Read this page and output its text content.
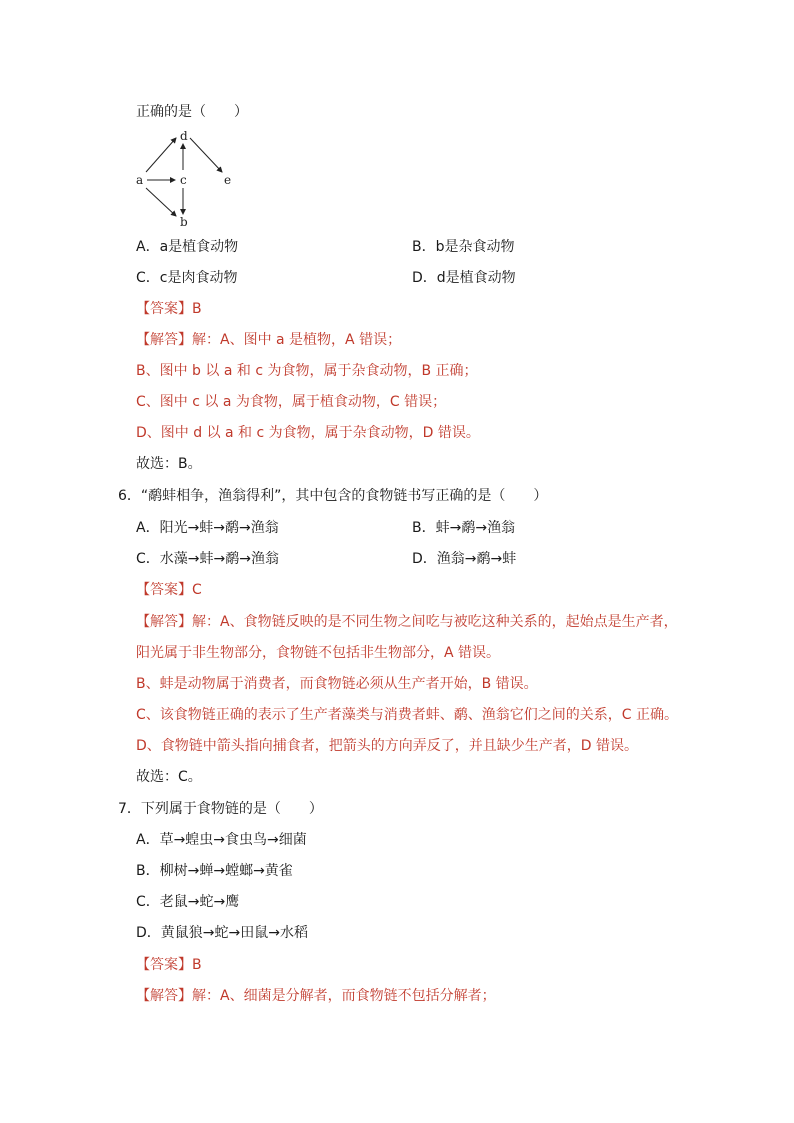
正确的是（　　）
d
a	c	e
b
A．a是植食动物	B．b是杂食动物
C．c是肉食动物	D．d是植食动物
【答案】B
【解答】解：A、图中 a 是植物，A 错误；
B、图中 b 以 a 和 c 为食物，属于杂食动物，B 正确；
C、图中 c 以 a 为食物，属于植食动物，C 错误；
D、图中 d 以 a 和 c 为食物，属于杂食动物，D 错误。
故选：B。
6．“鹬蚌相争，渔翁得利”，其中包含的食物链书写正确的是（　　）
A．阳光→蚌→鹬→渔翁	B．蚌→鹬→渔翁
C．水藻→蚌→鹬→渔翁	D．渔翁→鹬→蚌
【答案】C
【解答】解：A、食物链反映的是不同生物之间吃与被吃这种关系的，起始点是生产者，
阳光属于非生物部分，食物链不包括非生物部分，A 错误。
B、蚌是动物属于消费者，而食物链必须从生产者开始，B 错误。
C、该食物链正确的表示了生产者藻类与消费者蚌、鹬、渔翁它们之间的关系，C 正确。
D、食物链中箭头指向捕食者，把箭头的方向弄反了，并且缺少生产者，D 错误。
故选：C。
7．下列属于食物链的是（　　）
A．草→蝗虫→食虫鸟→细菌
B．柳树→蝉→螳螂→黄雀
C．老鼠→蛇→鹰
D．黄鼠狼→蛇→田鼠→水稻
【答案】B
【解答】解：A、细菌是分解者，而食物链不包括分解者；
